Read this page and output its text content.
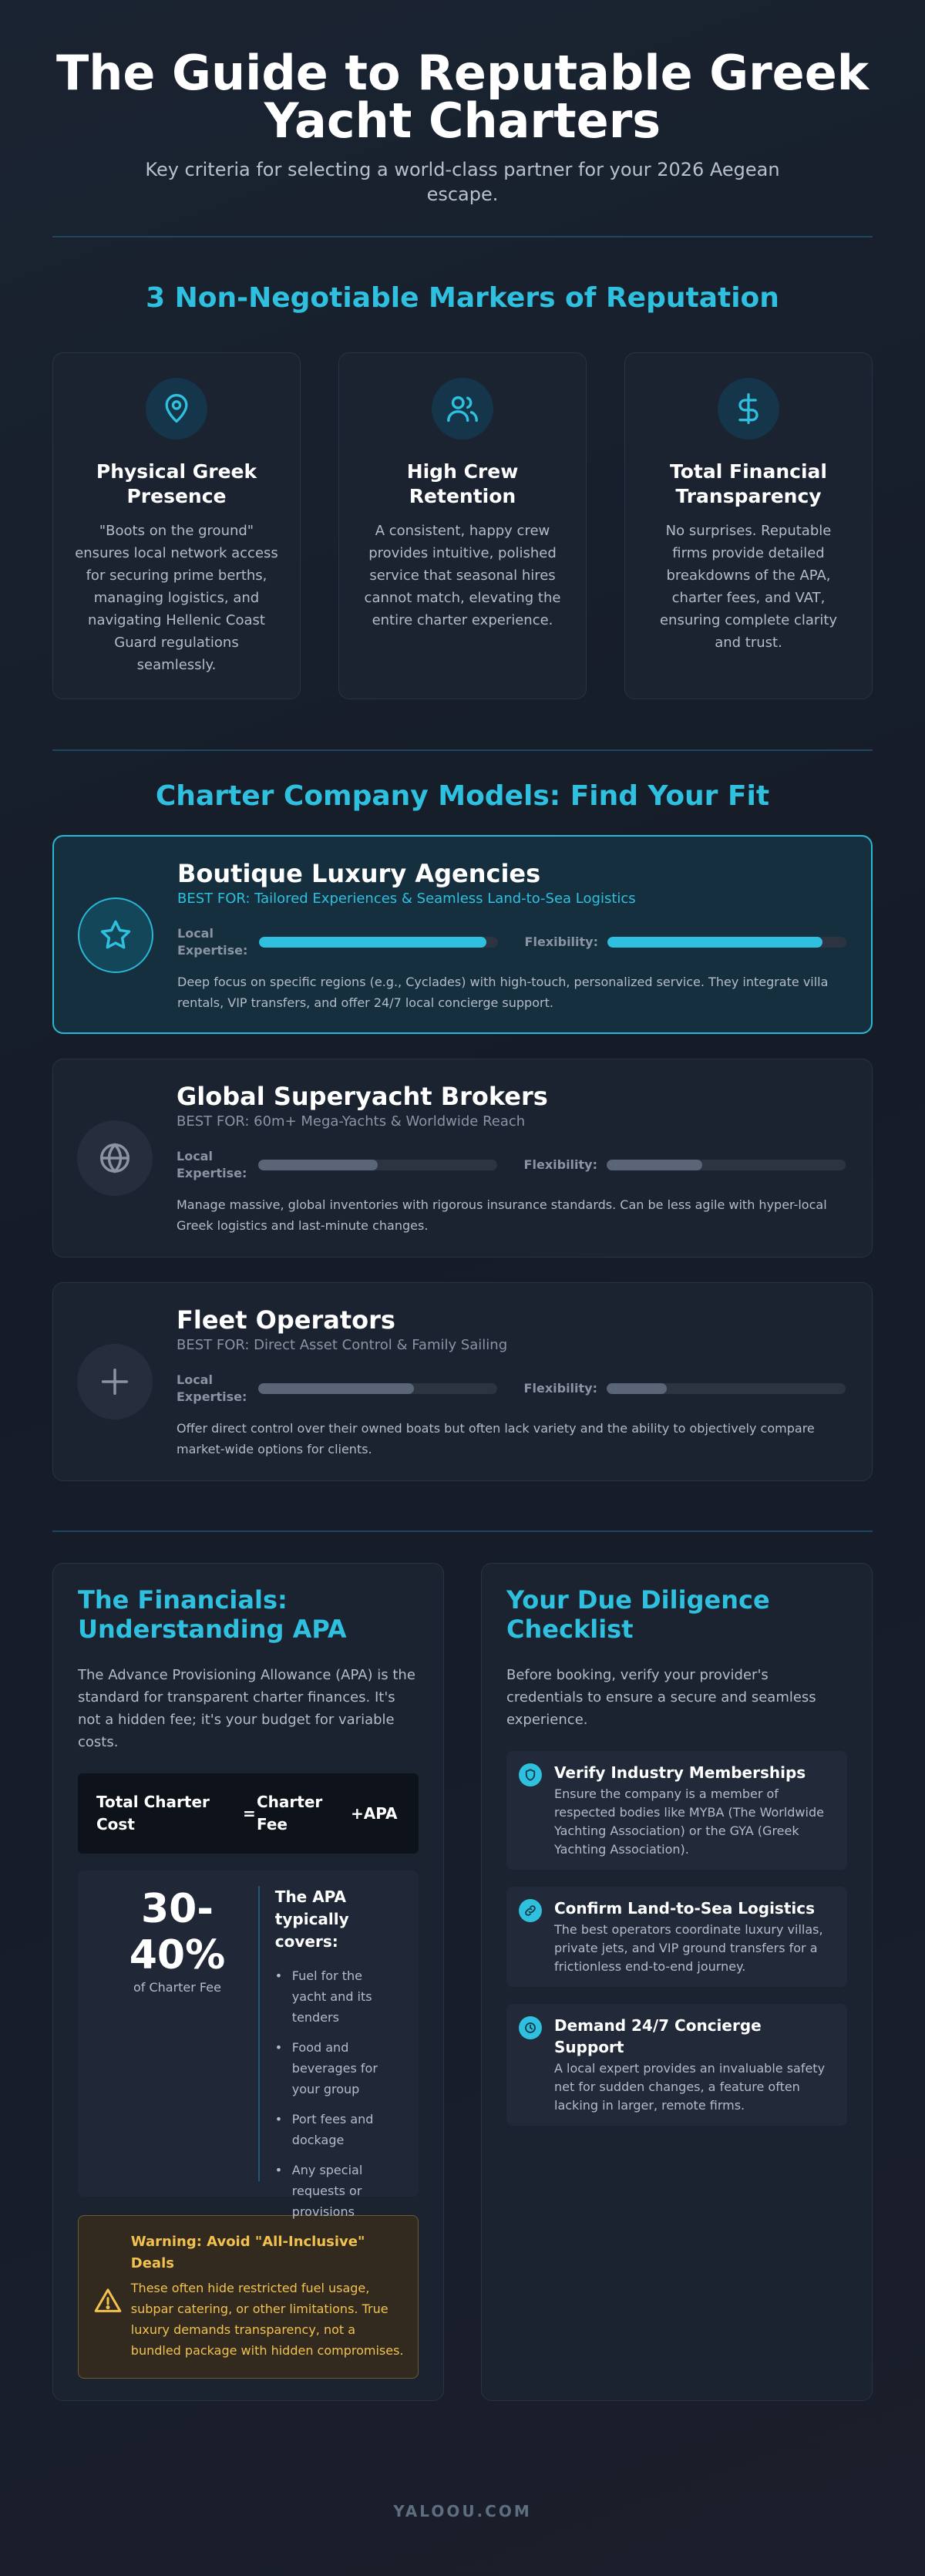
The Guide to Reputable Greek Yacht Charters

Key criteria for selecting a world-class partner for your 2026 Aegean escape.

3 Non-Negotiable Markers of Reputation
Physical Greek Presence

"Boots on the ground" ensures local network access for securing prime berths, managing logistics, and navigating Hellenic Coast Guard regulations seamlessly.

High Crew Retention

A consistent, happy crew provides intuitive, polished service that seasonal hires cannot match, elevating the entire charter experience.

Total Financial Transparency

No surprises. Reputable firms provide detailed breakdowns of the APA, charter fees, and VAT, ensuring complete clarity and trust.

Charter Company Models: Find Your Fit
Boutique Luxury Agencies
BEST FOR: Tailored Experiences & Seamless Land-to-Sea Logistics
Local Expertise:
Flexibility:

Deep focus on specific regions (e.g., Cyclades) with high-touch, personalized service. They integrate villa rentals, VIP transfers, and offer 24/7 local concierge support.

Global Superyacht Brokers
BEST FOR: 60m+ Mega-Yachts & Worldwide Reach
Local Expertise:
Flexibility:

Manage massive, global inventories with rigorous insurance standards. Can be less agile with hyper-local Greek logistics and last-minute changes.

Fleet Operators
BEST FOR: Direct Asset Control & Family Sailing
Local Expertise:
Flexibility:

Offer direct control over their owned boats but often lack variety and the ability to objectively compare market-wide options for clients.

The Financials: Understanding APA

The Advance Provisioning Allowance (APA) is the standard for transparent charter finances. It's not a hidden fee; it's your budget for variable costs.

Total Charter Cost
=
Charter Fee
+APA
30-40%
of Charter Fee
The APA typically covers:
• Fuel for the yacht and its tenders
• Food and beverages for your group
• Port fees and dockage
• Any special requests or provisions
Warning: Avoid "All-Inclusive" Deals

These often hide restricted fuel usage, subpar catering, or other limitations. True luxury demands transparency, not a bundled package with hidden compromises.

Your Due Diligence Checklist

Before booking, verify your provider's credentials to ensure a secure and seamless experience.

Verify Industry Memberships

Ensure the company is a member of respected bodies like MYBA (The Worldwide Yachting Association) or the GYA (Greek Yachting Association).

Confirm Land-to-Sea Logistics

The best operators coordinate luxury villas, private jets, and VIP ground transfers for a frictionless end-to-end journey.

Demand 24/7 Concierge Support

A local expert provides an invaluable safety net for sudden changes, a feature often lacking in larger, remote firms.

YALOOU.COM
